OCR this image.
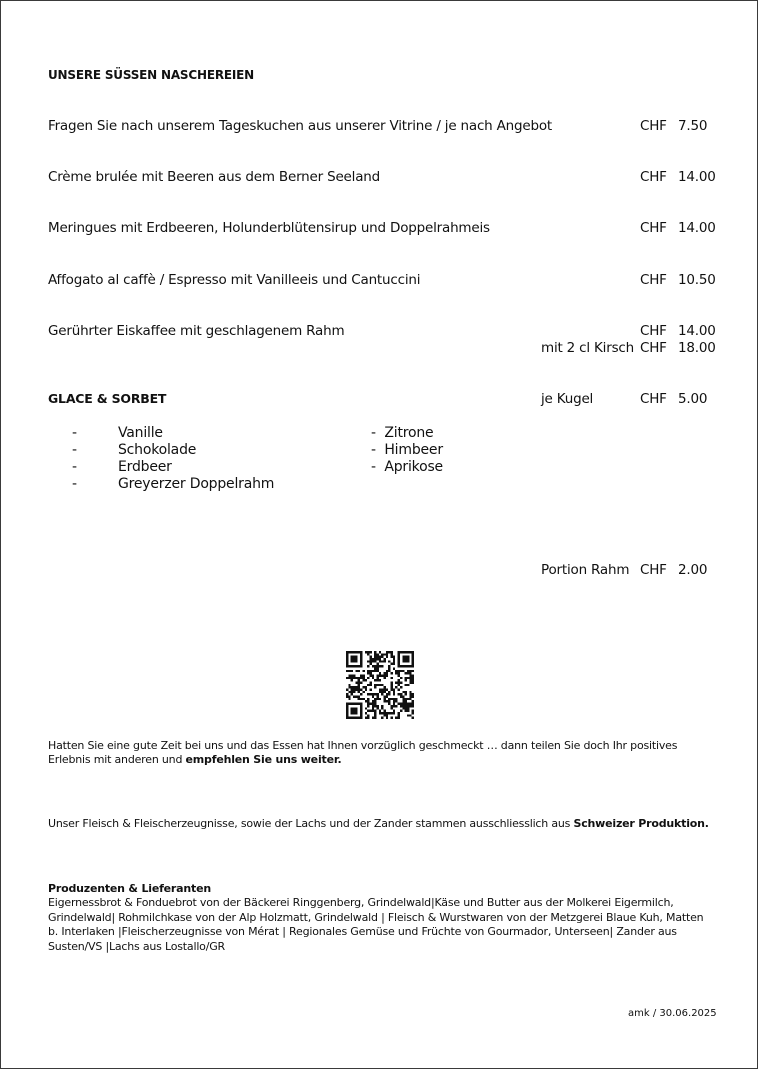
UNSERE SÜSSEN NASCHEREIEN
Fragen Sie nach unserem Tageskuchen aus unserer Vitrine / je nach Angebot	CHF 7.50
Crème brulée mit Beeren aus dem Berner Seeland	CHF 14.00
Meringues mit Erdbeeren, Holunderblütensirup und Doppelrahmeis	CHF 14.00
Affogato al caffè / Espresso mit Vanilleeis und Cantuccini	CHF 10.50
Gerührter Eiskaffee mit geschlagenem Rahm	CHF 14.00
mit 2 cl Kirsch CHF 18.00
GLACE & SORBET	je Kugel	CHF 5.00
-	Vanille
-	Schokolade
-	Erdbeer
-	Greyerzer Doppelrahm
-  Zitrone
-  Himbeer
-  Aprikose
Portion Rahm CHF 2.00
Hatten Sie eine gute Zeit bei uns und das Essen hat Ihnen vorzüglich geschmeckt … dann teilen Sie doch Ihr positives Erlebnis mit anderen und empfehlen Sie uns weiter.
Unser Fleisch & Fleischerzeugnisse, sowie der Lachs und der Zander stammen ausschliesslich aus Schweizer Produktion.
Produzenten & Lieferanten
Eigernessbrot & Fonduebrot von der Bäckerei Ringgenberg, Grindelwald|Käse und Butter aus der Molkerei Eigermilch, Grindelwald| Rohmilchkase von der Alp Holzmatt, Grindelwald | Fleisch & Wurstwaren von der Metzgerei Blaue Kuh, Matten b. Interlaken |Fleischerzeugnisse von Mérat | Regionales Gemüse und Früchte von Gourmador, Unterseen| Zander aus Susten/VS |Lachs aus Lostallo/GR
amk / 30.06.2025
